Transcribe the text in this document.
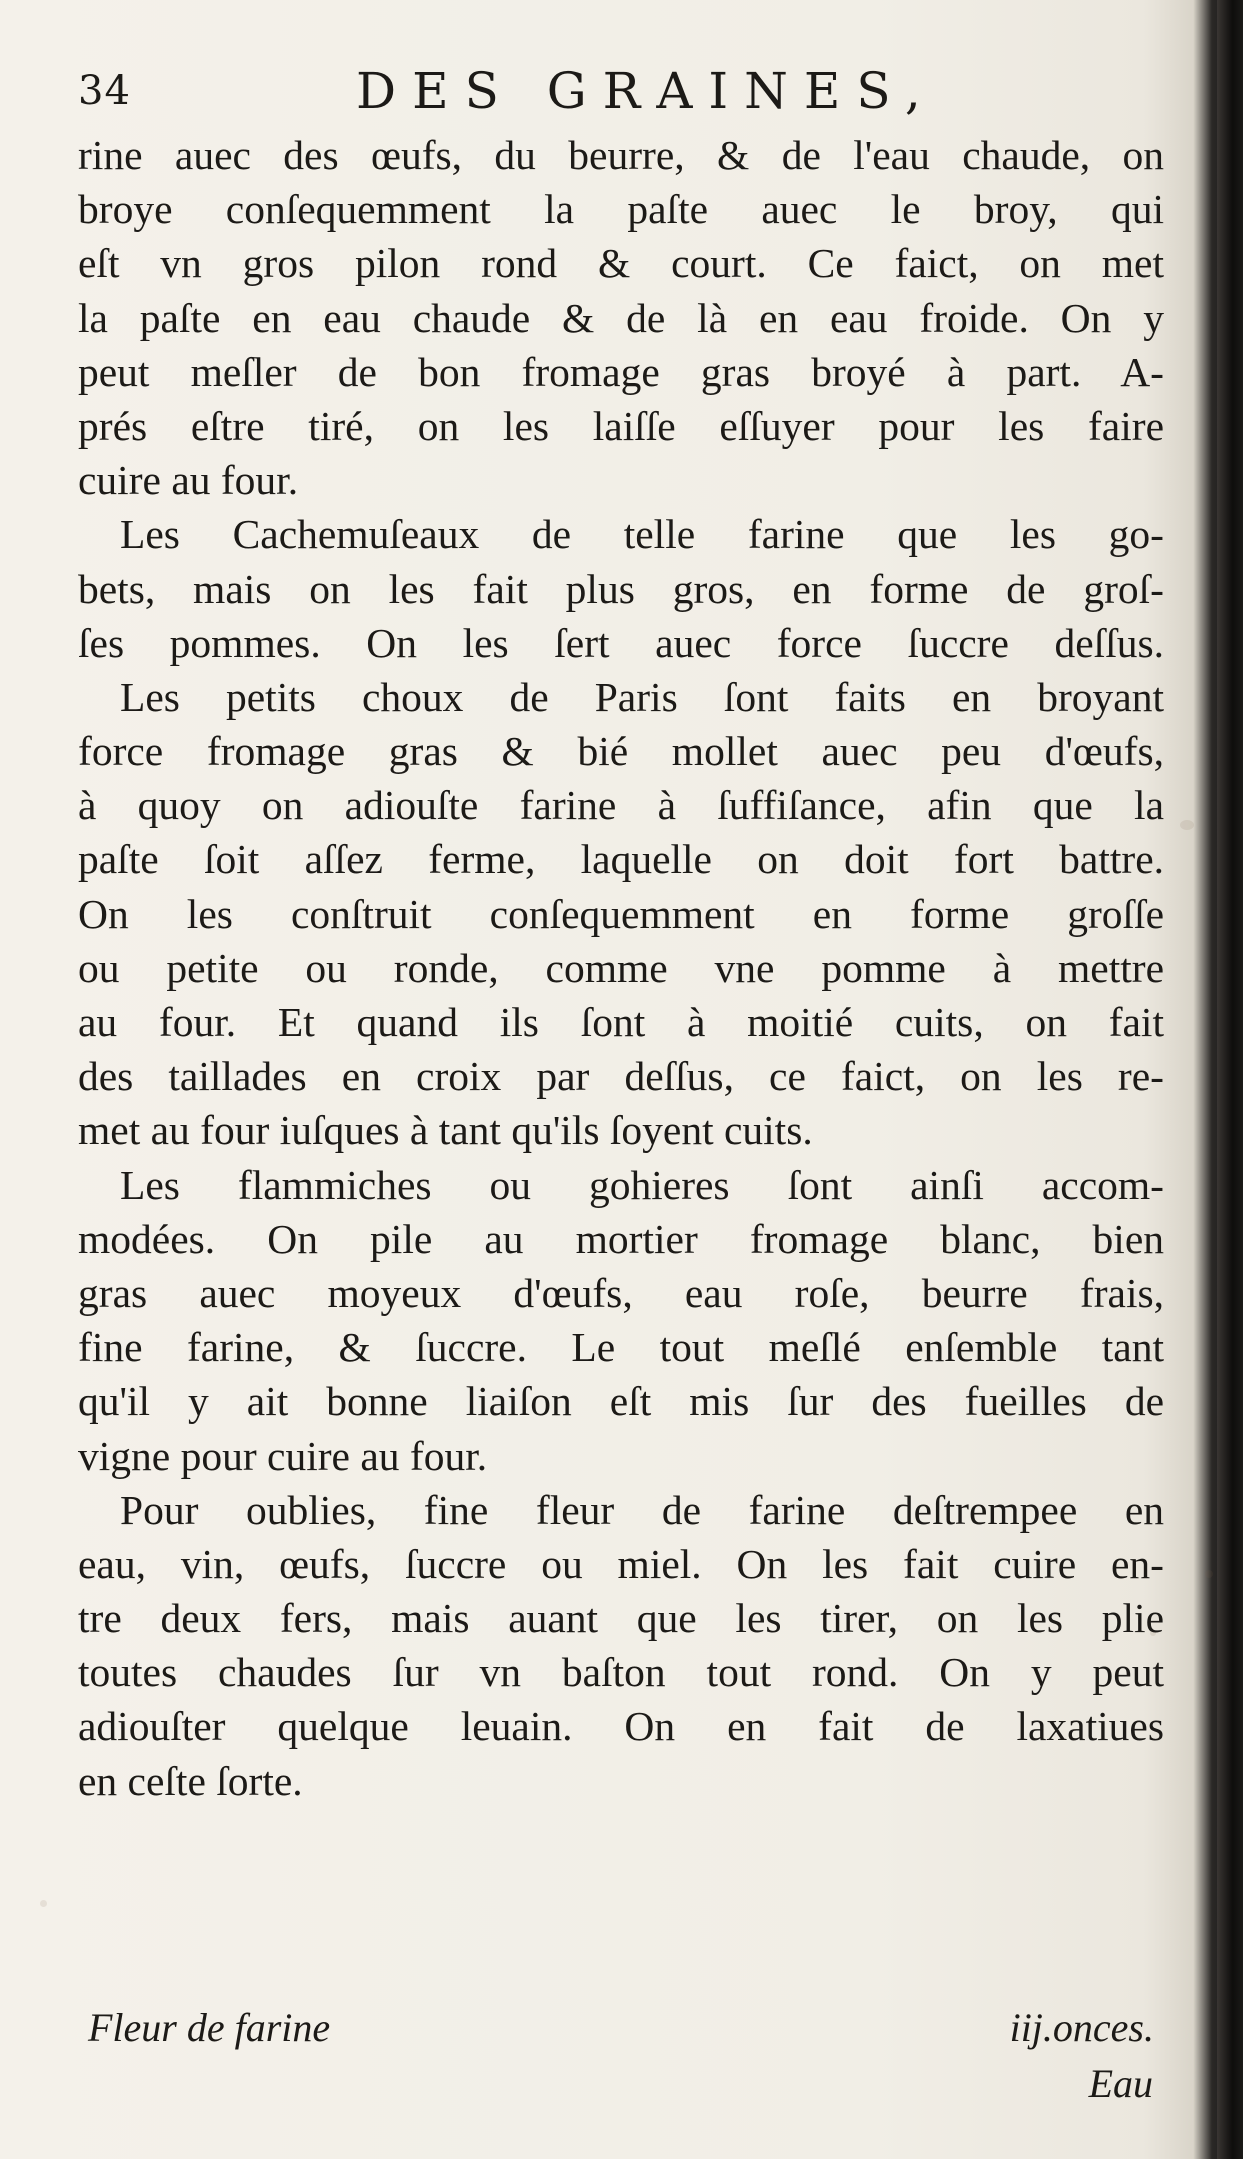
34	DES GRAINES,
rine auec des œufs, du beurre, & de l'eau chaude, on
broye conſequemment la paſte auec le broy, qui
eſt vn gros pilon rond & court. Ce faict, on met
la paſte en eau chaude & de là en eau froide. On y
peut meſler de bon fromage gras broyé à part. A-
prés eſtre tiré, on les laiſſe eſſuyer pour les faire
cuire au four.
Les Cachemuſeaux de telle farine que les go-
bets, mais on les fait plus gros, en forme de groſ-
ſes pommes. On les ſert auec force ſuccre deſſus.
Les petits choux de Paris ſont faits en broyant
force fromage gras & bié mollet auec peu d'œufs,
à quoy on adiouſte farine à ſuffiſance, afin que la
paſte ſoit aſſez ferme, laquelle on doit fort battre.
On les conſtruit conſequemment en forme groſſe
ou petite ou ronde, comme vne pomme à mettre
au four. Et quand ils ſont à moitié cuits, on fait
des taillades en croix par deſſus, ce faict, on les re-
met au four iuſques à tant qu'ils ſoyent cuits.
Les flammiches ou gohieres ſont ainſi accom-
modées. On pile au mortier fromage blanc, bien
gras auec moyeux d'œufs, eau roſe, beurre frais,
fine farine, & ſuccre. Le tout meſlé enſemble tant
qu'il y ait bonne liaiſon eſt mis ſur des fueilles de
vigne pour cuire au four.
Pour oublies, fine fleur de farine deſtrempee en
eau, vin, œufs, ſuccre ou miel. On les fait cuire en-
tre deux fers, mais auant que les tirer, on les plie
toutes chaudes ſur vn baſton tout rond. On y peut
adiouſter quelque leuain. On en fait de laxatiues
en ceſte ſorte.
Fleur de farine	iij.onces.
Eau
